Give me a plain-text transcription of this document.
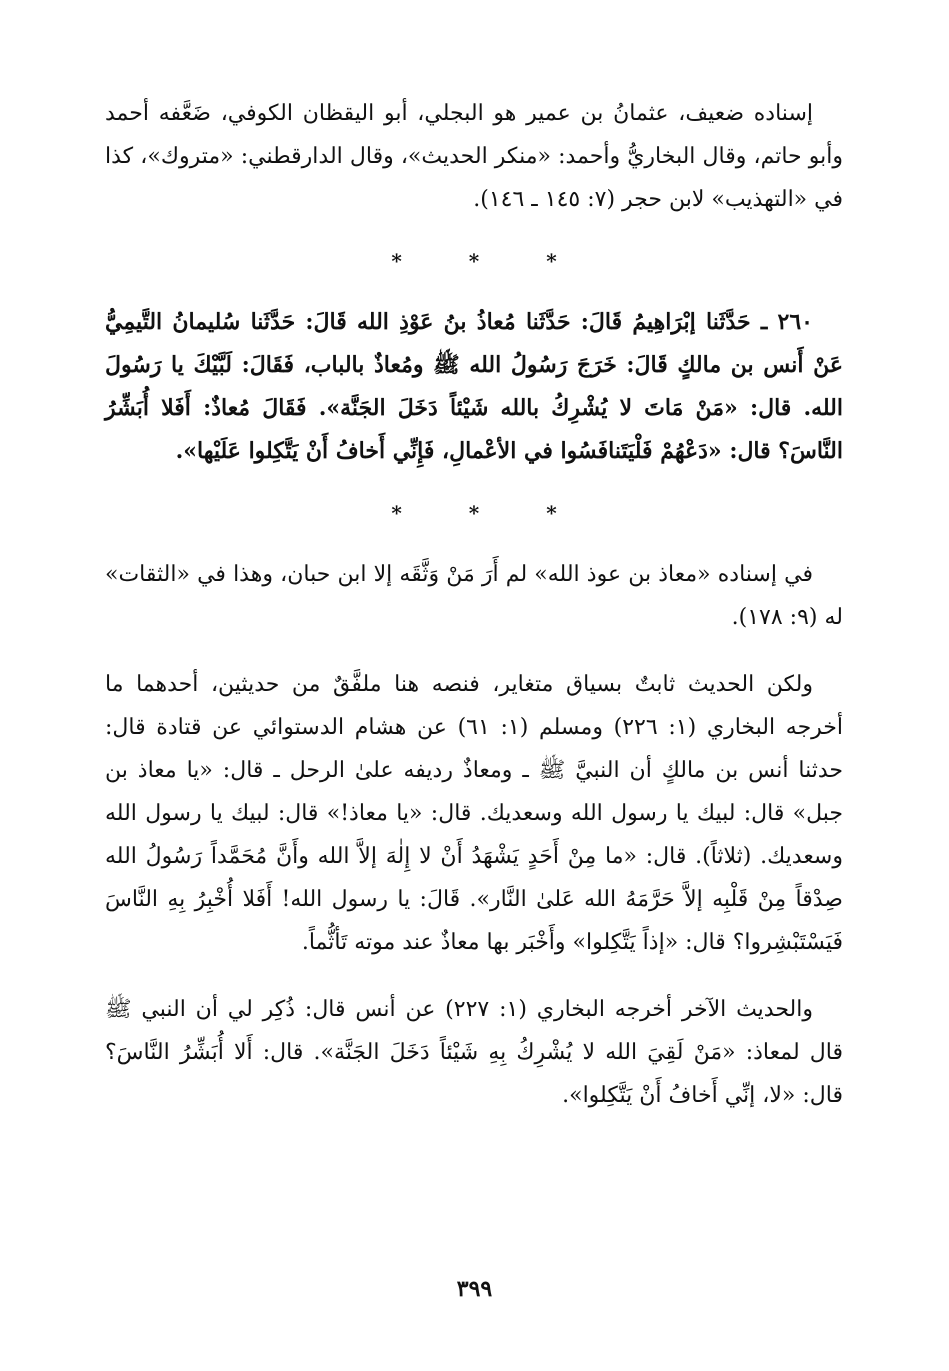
إسناده ضعيف، عثمانُ بن عمير هو البجلي، أبو اليقظان الكوفي، ضَعَّفه أحمد وأبو حاتم، وقال البخاريُّ وأحمد: «منكر الحديث»، وقال الدارقطني: «متروك»، كذا في «التهذيب» لابن حجر (٧: ١٤٥ ـ ١٤٦).

* * *

٢٦٠ ـ حَدَّثَنا إبْرَاهِيمُ قَالَ: حَدَّثَنا مُعاذُ بنُ عَوْذِ الله قَالَ: حَدَّثَنا سُليمانُ التَّيمِيُّ عَنْ أَنس بن مالكٍ قَالَ: خَرَجَ رَسُولُ الله ﷺ ومُعاذٌ بالباب، فَقَالَ: لَبَّيْكَ يا رَسُولَ الله. قال: «مَنْ مَاتَ لا يُشْرِكُ بالله شَيْئاً دَخَلَ الجَنَّة». فَقَالَ مُعاذٌ: أَفَلا أُبَشِّرُ النَّاسَ؟ قال: «دَعْهُمْ فَلْيَتَنافَسُوا في الأعْمالِ، فَإِنِّي أَخافُ أَنْ يَتَّكِلوا عَلَيْها».

* * *

في إسناده «معاذ بن عوذ الله» لم أَرَ مَنْ وَثَّقَه إلا ابن حبان، وهذا في «الثقات» له (٩: ١٧٨).

ولكن الحديث ثابتٌ بسياق متغاير، فنصه هنا ملفَّقٌ من حديثين، أحدهما ما أخرجه البخاري (١: ٢٢٦) ومسلم (١: ٦١) عن هشام الدستوائي عن قتادة قال: حدثنا أنس بن مالكٍ أن النبيَّ ﷺ ـ ومعاذٌ رديفه علىٰ الرحل ـ قال: «يا معاذ بن جبل» قال: لبيك يا رسول الله وسعديك. قال: «يا معاذ!» قال: لبيك يا رسول الله وسعديك. (ثلاثاً). قال: «ما مِنْ أَحَدٍ يَشْهَدُ أَنْ لا إِلٰهَ إلاَّ الله وأَنَّ مُحَمَّداً رَسُولُ الله صِدْقاً مِنْ قَلْبِه إلاَّ حَرَّمَهُ الله عَلىٰ النَّار». قَالَ: يا رسول الله! أَفَلا أُخْبِرُ بِهِ النَّاسَ فَيَسْتَبْشِروا؟ قال: «إذاً يَتَّكِلوا» وأَخْبَر بها معاذٌ عند موته تَأثُّماً.

والحديث الآخر أخرجه البخاري (١: ٢٢٧) عن أنس قال: ذُكِر لي أن النبي ﷺ قال لمعاذ: «مَنْ لَقِيَ الله لا يُشْرِكُ بِهِ شَيْئاً دَخَلَ الجَنَّة». قال: أَلا أُبَشِّرُ النَّاسَ؟ قال: «لا، إنِّي أَخافُ أَنْ يَتَّكِلوا».

٣٩٩
